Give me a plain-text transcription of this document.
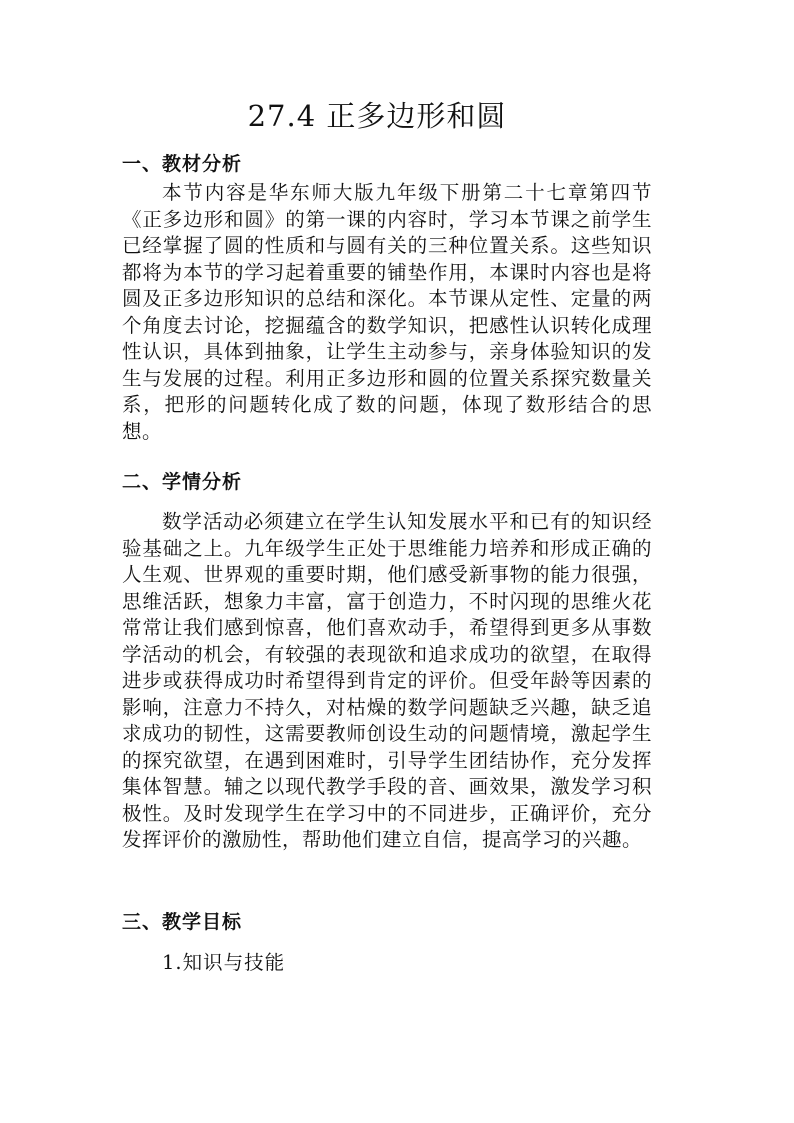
27.4 正多边形和圆
一、教材分析

本节内容是华东师大版九年级下册第二十七章第四节《正多边形和圆》的第一课的内容时，学习本节课之前学生已经掌握了圆的性质和与圆有关的三种位置关系。这些知识都将为本节的学习起着重要的铺垫作用，本课时内容也是将圆及正多边形知识的总结和深化。本节课从定性、定量的两个角度去讨论，挖掘蕴含的数学知识，把感性认识转化成理性认识，具体到抽象，让学生主动参与，亲身体验知识的发生与发展的过程。利用正多边形和圆的位置关系探究数量关系，把形的问题转化成了数的问题，体现了数形结合的思想。

二、学情分析

数学活动必须建立在学生认知发展水平和已有的知识经验基础之上。九年级学生正处于思维能力培养和形成正确的人生观、世界观的重要时期，他们感受新事物的能力很强，思维活跃，想象力丰富，富于创造力，不时闪现的思维火花常常让我们感到惊喜，他们喜欢动手，希望得到更多从事数学活动的机会，有较强的表现欲和追求成功的欲望，在取得进步或获得成功时希望得到肯定的评价。但受年龄等因素的影响，注意力不持久，对枯燥的数学问题缺乏兴趣，缺乏追求成功的韧性，这需要教师创设生动的问题情境，激起学生的探究欲望，在遇到困难时，引导学生团结协作，充分发挥集体智慧。辅之以现代教学手段的音、画效果，激发学习积极性。及时发现学生在学习中的不同进步，正确评价，充分发挥评价的激励性，帮助他们建立自信，提高学习的兴趣。

三、教学目标
1.知识与技能
